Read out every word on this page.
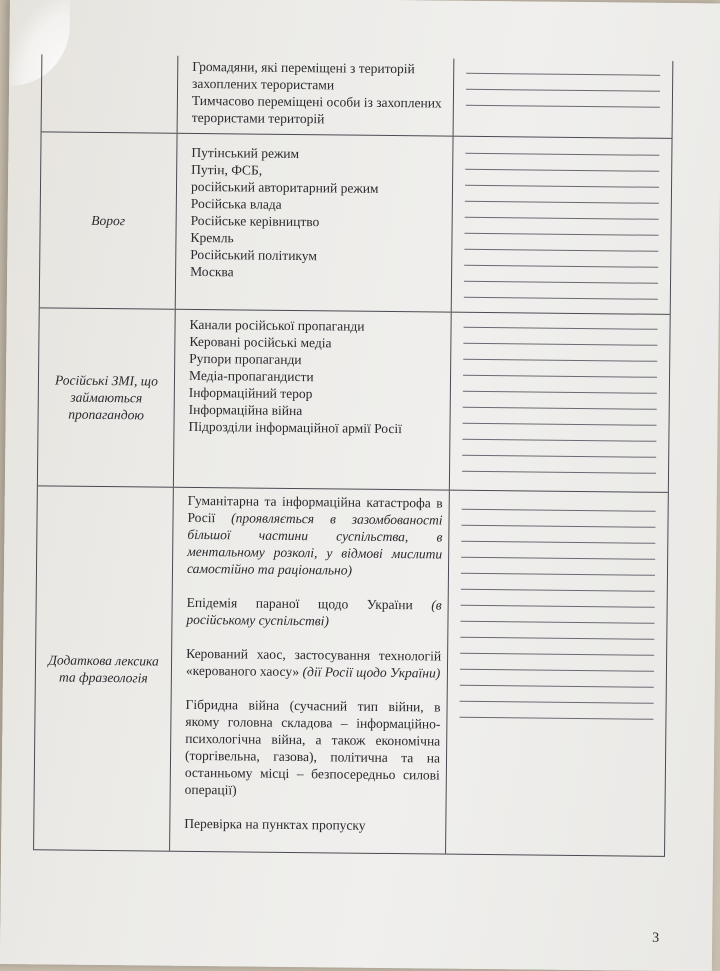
Громадяни, які переміщені з територій
захоплених терористами
Тимчасово переміщені особи із захоплених
терористами територій
Ворог
Путінський режим
Путін, ФСБ,
російський авторитарний режим
Російська влада
Російське керівництво
Кремль
Російський політикум
Москва
Російські ЗМІ, що займаються пропагандою
Канали російської пропаганди
Керовані російські медіа
Рупори пропаганди
Медіа-пропагандисти
Інформаційний терор
Інформаційна війна
Підрозділи інформаційної армії Росії
Додаткова лексика та фразеологія
Гуманітарна та інформаційна катастрофа в Росії (проявляється в зазомбованості більшої частини суспільства, в ментальному розколі, у відмові мислити самостійно та раціонально)
Епідемія параної щодо України (в російському суспільстві)
Керований хаос, застосування технологій «керованого хаосу» (дії Росії щодо України)
Гібридна війна (сучасний тип війни, в якому головна складова – інформаційно-психологічна війна, а також економічна (торгівельна, газова), політична та на останньому місці – безпосередньо силові операції)
Перевірка на пунктах пропуску
3
